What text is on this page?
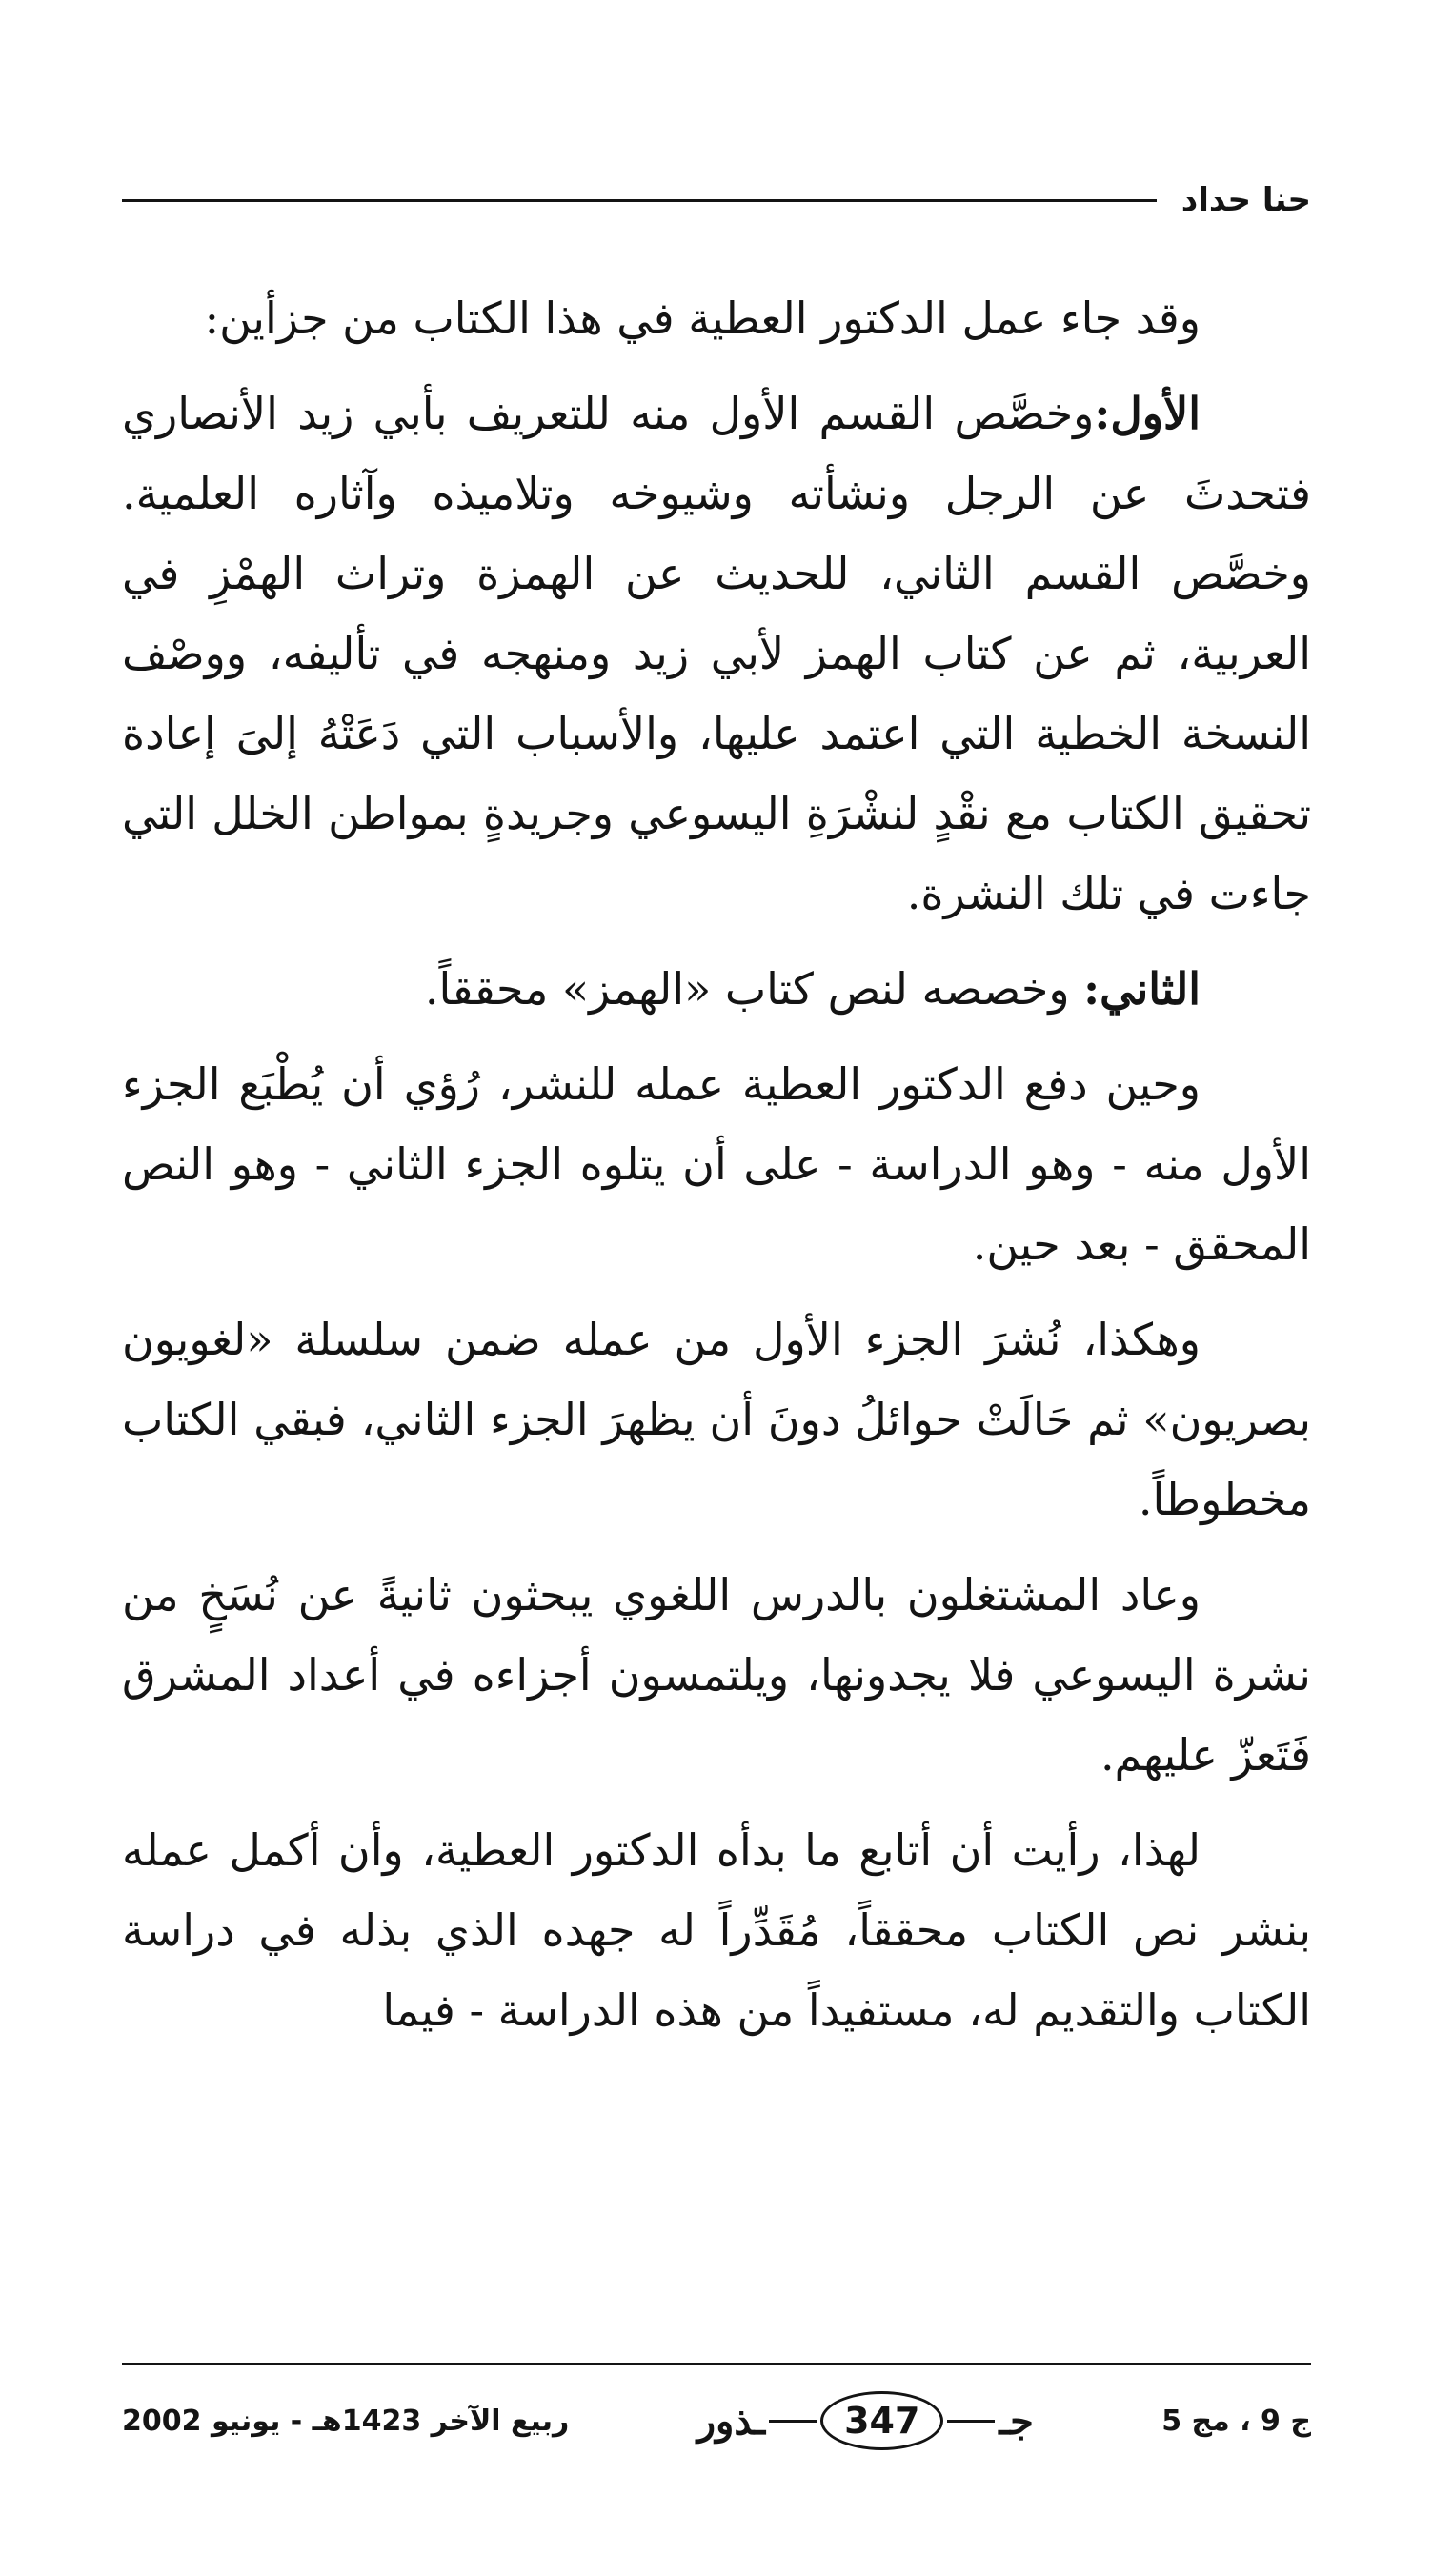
حنا حداد

وقد جاء عمل الدكتور العطية في هذا الكتاب من جزأين:

الأول:وخصَّص القسم الأول منه للتعريف بأبي زيد الأنصاري فتحدثَ عن الرجل ونشأته وشيوخه وتلاميذه وآثاره العلمية. وخصَّص القسم الثاني، للحديث عن الهمزة وتراث الهمْزِ في العربية، ثم عن كتاب الهمز لأبي زيد ومنهجه في تأليفه، ووصْف النسخة الخطية التي اعتمد عليها، والأسباب التي دَعَتْهُ إلىَ إعادة تحقيق الكتاب مع نقْدٍ لنشْرَةِ اليسوعي وجريدةٍ بمواطن الخلل التي جاءت في تلك النشرة.

الثاني: وخصصه لنص كتاب «الهمز» محققاً.

وحين دفع الدكتور العطية عمله للنشر، رُؤي أن يُطْبَع الجزء الأول منه - وهو الدراسة - على أن يتلوه الجزء الثاني - وهو النص المحقق - بعد حين.

وهكذا، نُشرَ الجزء الأول من عمله ضمن سلسلة «لغويون بصريون» ثم حَالَتْ حوائلُ دونَ أن يظهرَ الجزء الثاني، فبقي الكتاب مخطوطاً.

وعاد المشتغلون بالدرس اللغوي يبحثون ثانيةً عن نُسَخٍ من نشرة اليسوعي فلا يجدونها، ويلتمسون أجزاءه في أعداد المشرق فَتَعزّ عليهم.

لهذا، رأيت أن أتابع ما بدأه الدكتور العطية، وأن أكمل عمله بنشر نص الكتاب محققاً، مُقَدِّراً له جهده الذي بذله في دراسة الكتاب والتقديم له، مستفيداً من هذه الدراسة - فيما

ج 9 ، مج 5
جـ
347
ـذور
ربيع الآخر 1423هـ - يونيو 2002
